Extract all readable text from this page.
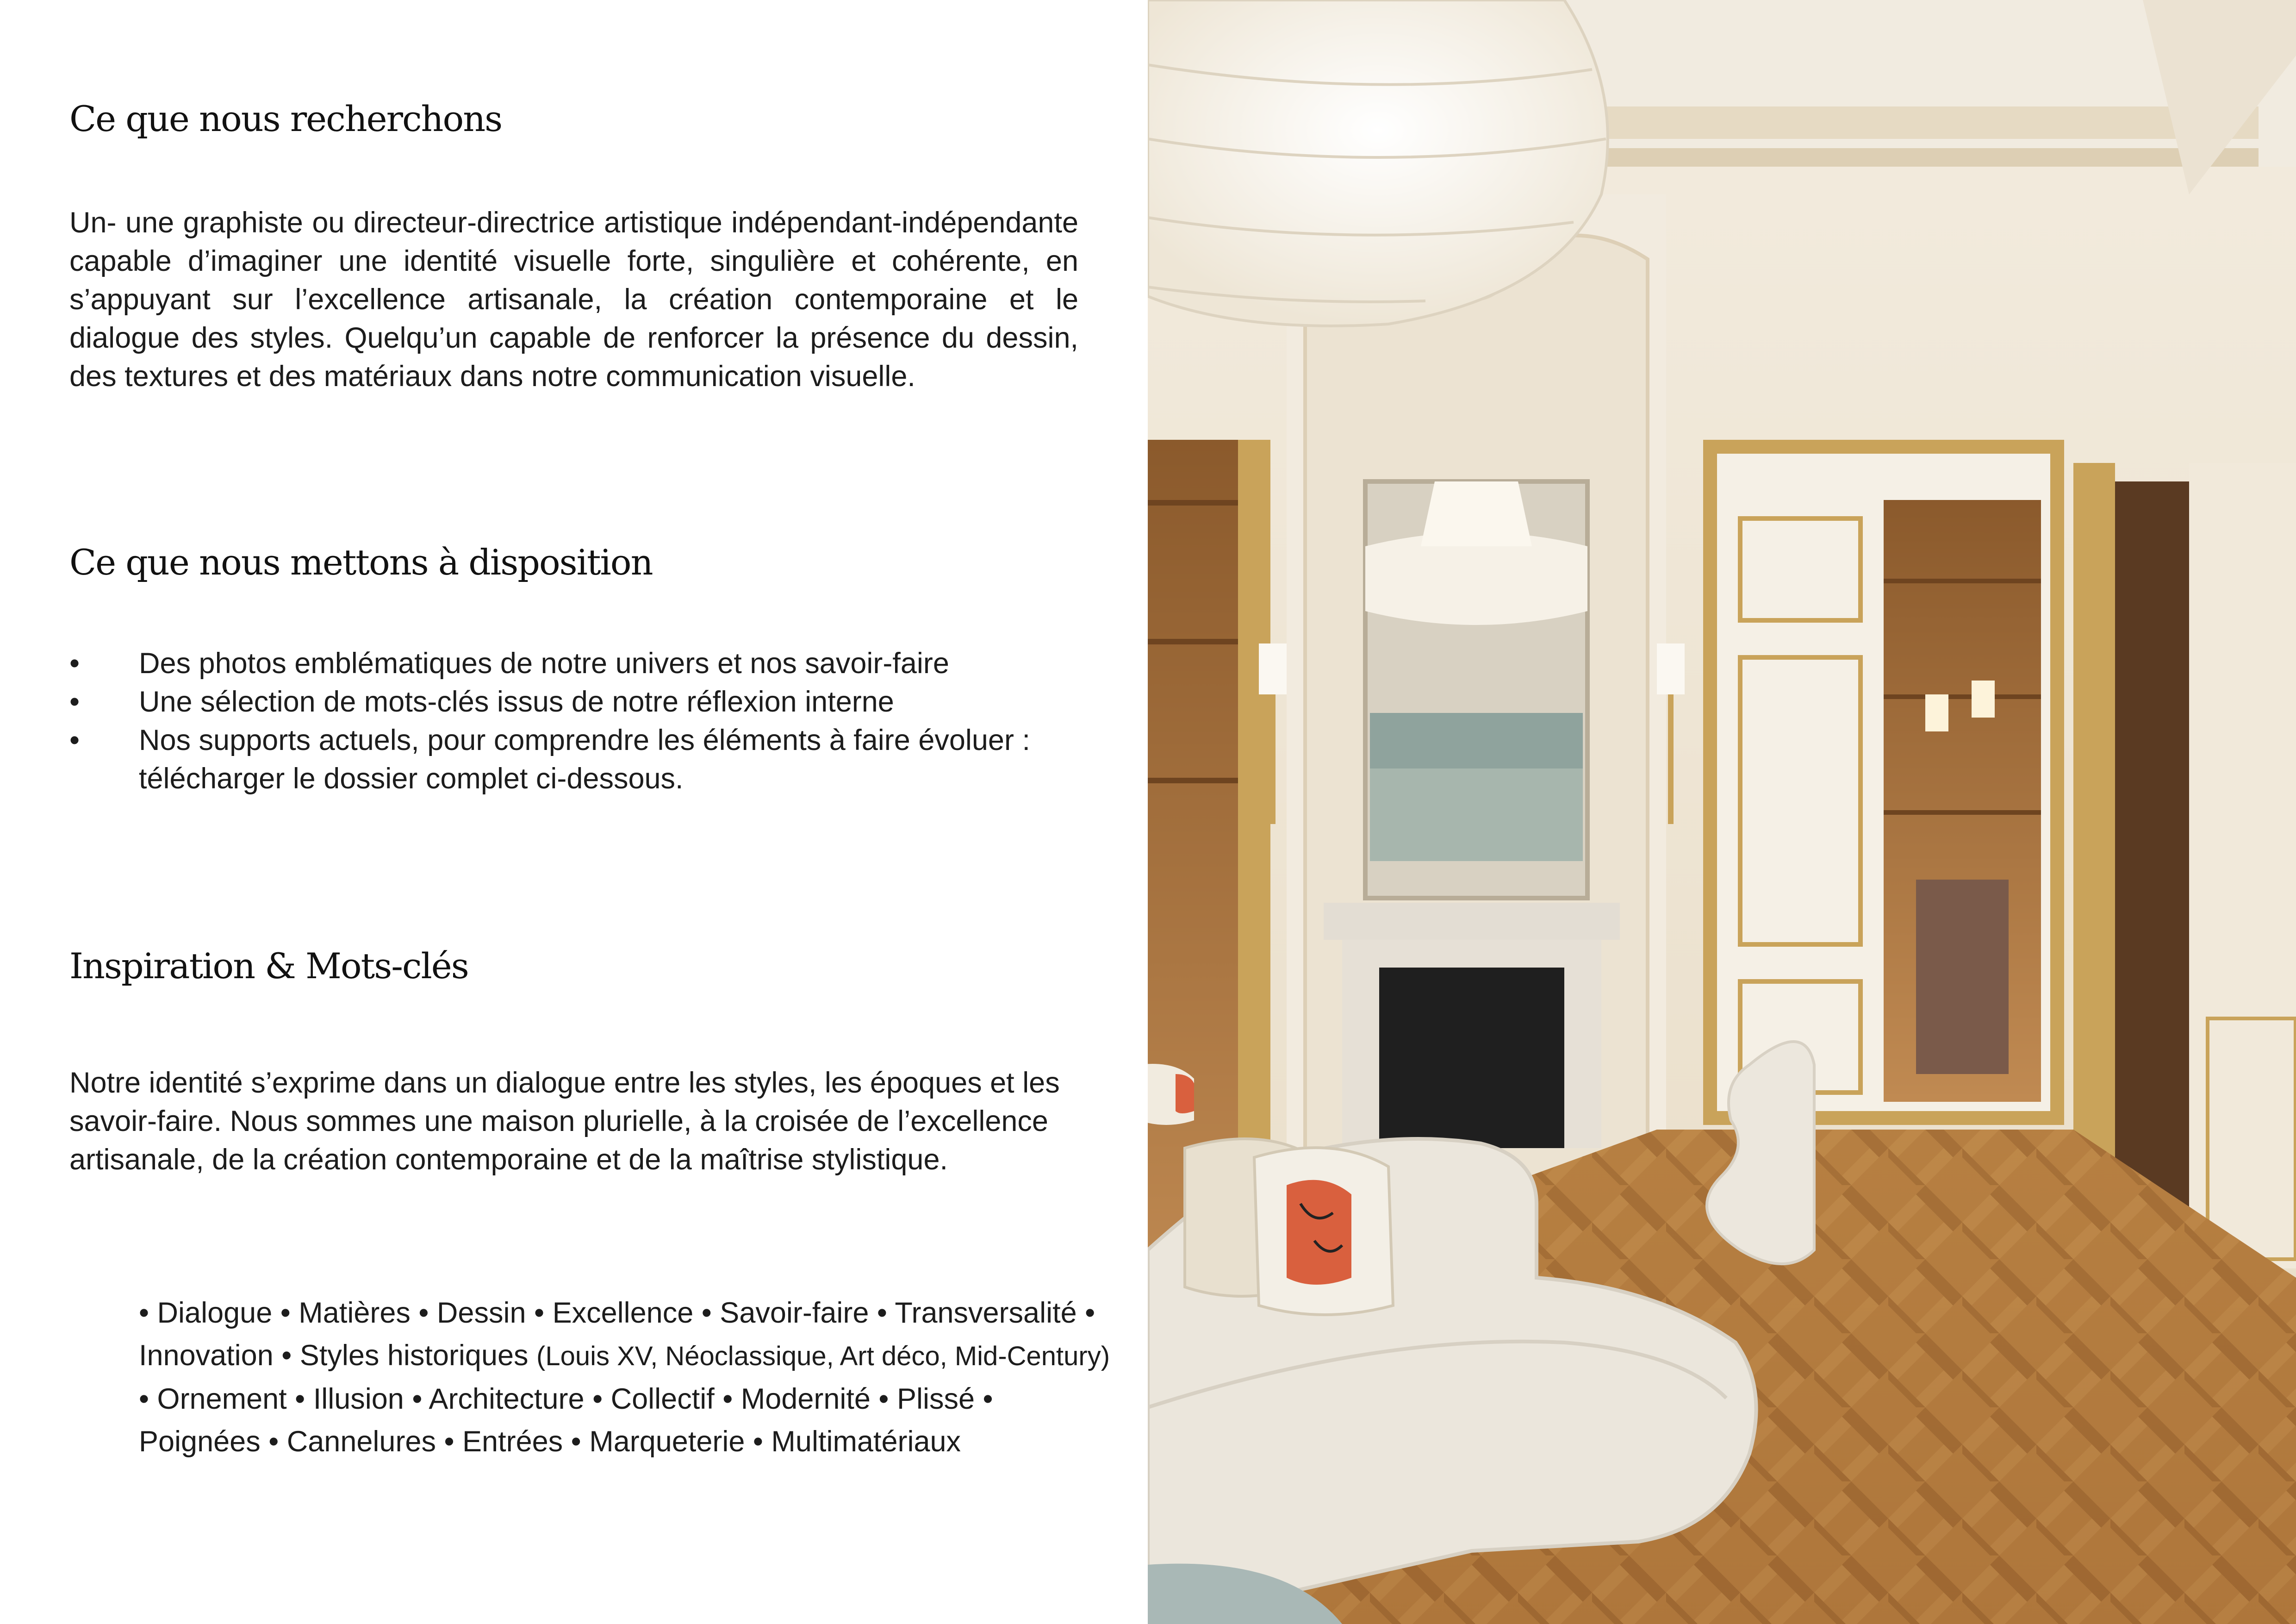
Ce que nous recherchons

Un- une graphiste ou directeur-directrice artistique indépendant-indépendante capable d’imaginer une identité visuelle forte, singulière et cohérente, en s’appuyant sur l’excellence artisanale, la création contemporaine et le dialogue des styles. Quelqu’un capable de renforcer la présence du dessin, des textures et des matériaux dans notre communication visuelle.

Ce que nous mettons à disposition
• Des photos emblématiques de notre univers et nos savoir-faire
• Une sélection de mots-clés issus de notre réflexion interne
• Nos supports actuels, pour comprendre les éléments à faire évoluer : télécharger le dossier complet ci-dessous.
Inspiration & Mots-clés

Notre identité s’exprime dans un dialogue entre les styles, les époques et les savoir-faire. Nous sommes une maison plurielle, à la croisée de l’excellence artisanale, de la création contemporaine et de la maîtrise stylistique.

• Dialogue • Matières • Dessin • Excellence • Savoir-faire • Transversalité • Innovation • Styles historiques (Louis XV, Néoclassique, Art déco, Mid-Century) • Ornement • Illusion • Architecture • Collectif • Modernité • Plissé • Poignées • Cannelures • Entrées • Marqueterie • Multimatériaux
